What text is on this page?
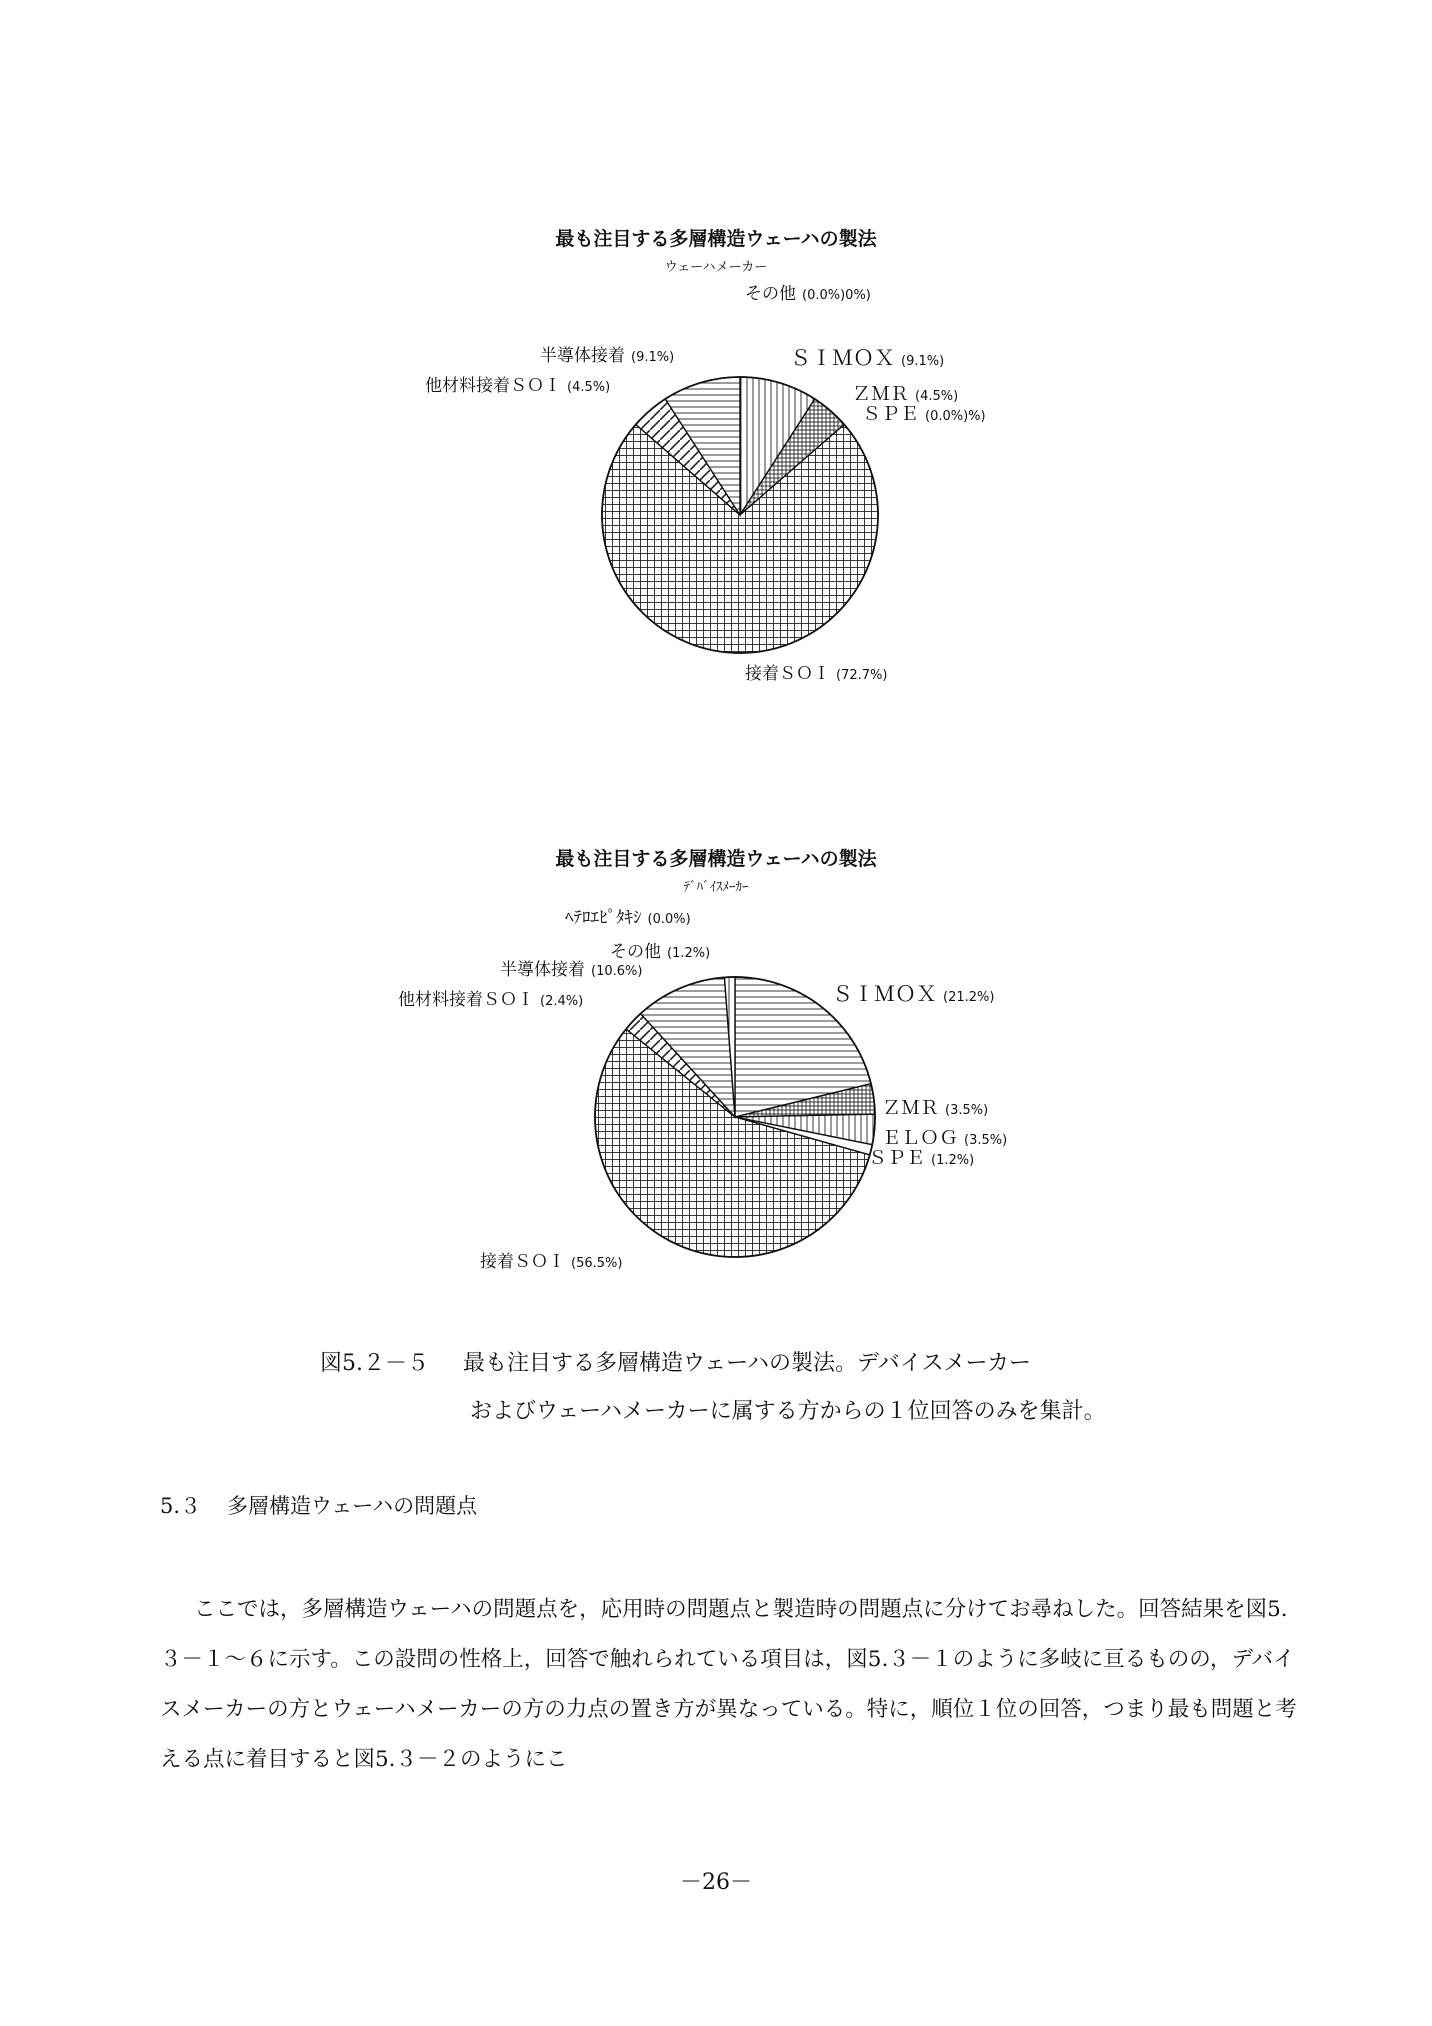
最も注目する多層構造ウェーハの製法
ウェーハメーカー
その他 (0.0%)0%)
ＳＩＭＯＸ (9.1%)
ＺＭＲ (4.5%)
ＳＰＥ (0.0%)%)
半導体接着 (9.1%)
他材料接着ＳＯＩ (4.5%)
接着ＳＯＩ (72.7%)
最も注目する多層構造ウェーハの製法
ﾃﾞﾊﾞｲｽﾒｰｶｰ
ﾍﾃﾛｴﾋﾟﾀｷｼ (0.0%)
その他 (1.2%)
半導体接着 (10.6%)
他材料接着ＳＯＩ (2.4%)	ＳＩＭＯＸ (21.2%)
ＺＭＲ (3.5%)
ＥＬＯＧ (3.5%)
ＳＰＥ (1.2%)
接着ＳＯＩ (56.5%)
図5.２－５ 最も注目する多層構造ウェーハの製法。デバイスメーカー
およびウェーハメーカーに属する方からの１位回答のみを集計。
5.３ 多層構造ウェーハの問題点

ここでは，多層構造ウェーハの問題点を，応用時の問題点と製造時の問題点に分けてお尋ねした。回答結果を図5.３－１～６に示す。この設問の性格上，回答で触れられている項目は，図5.３－１のように多岐に亘るものの，デバイスメーカーの方とウェーハメーカーの方の力点の置き方が異なっている。特に，順位１位の回答，つまり最も問題と考える点に着目すると図5.３－２のようにこ

－26－
